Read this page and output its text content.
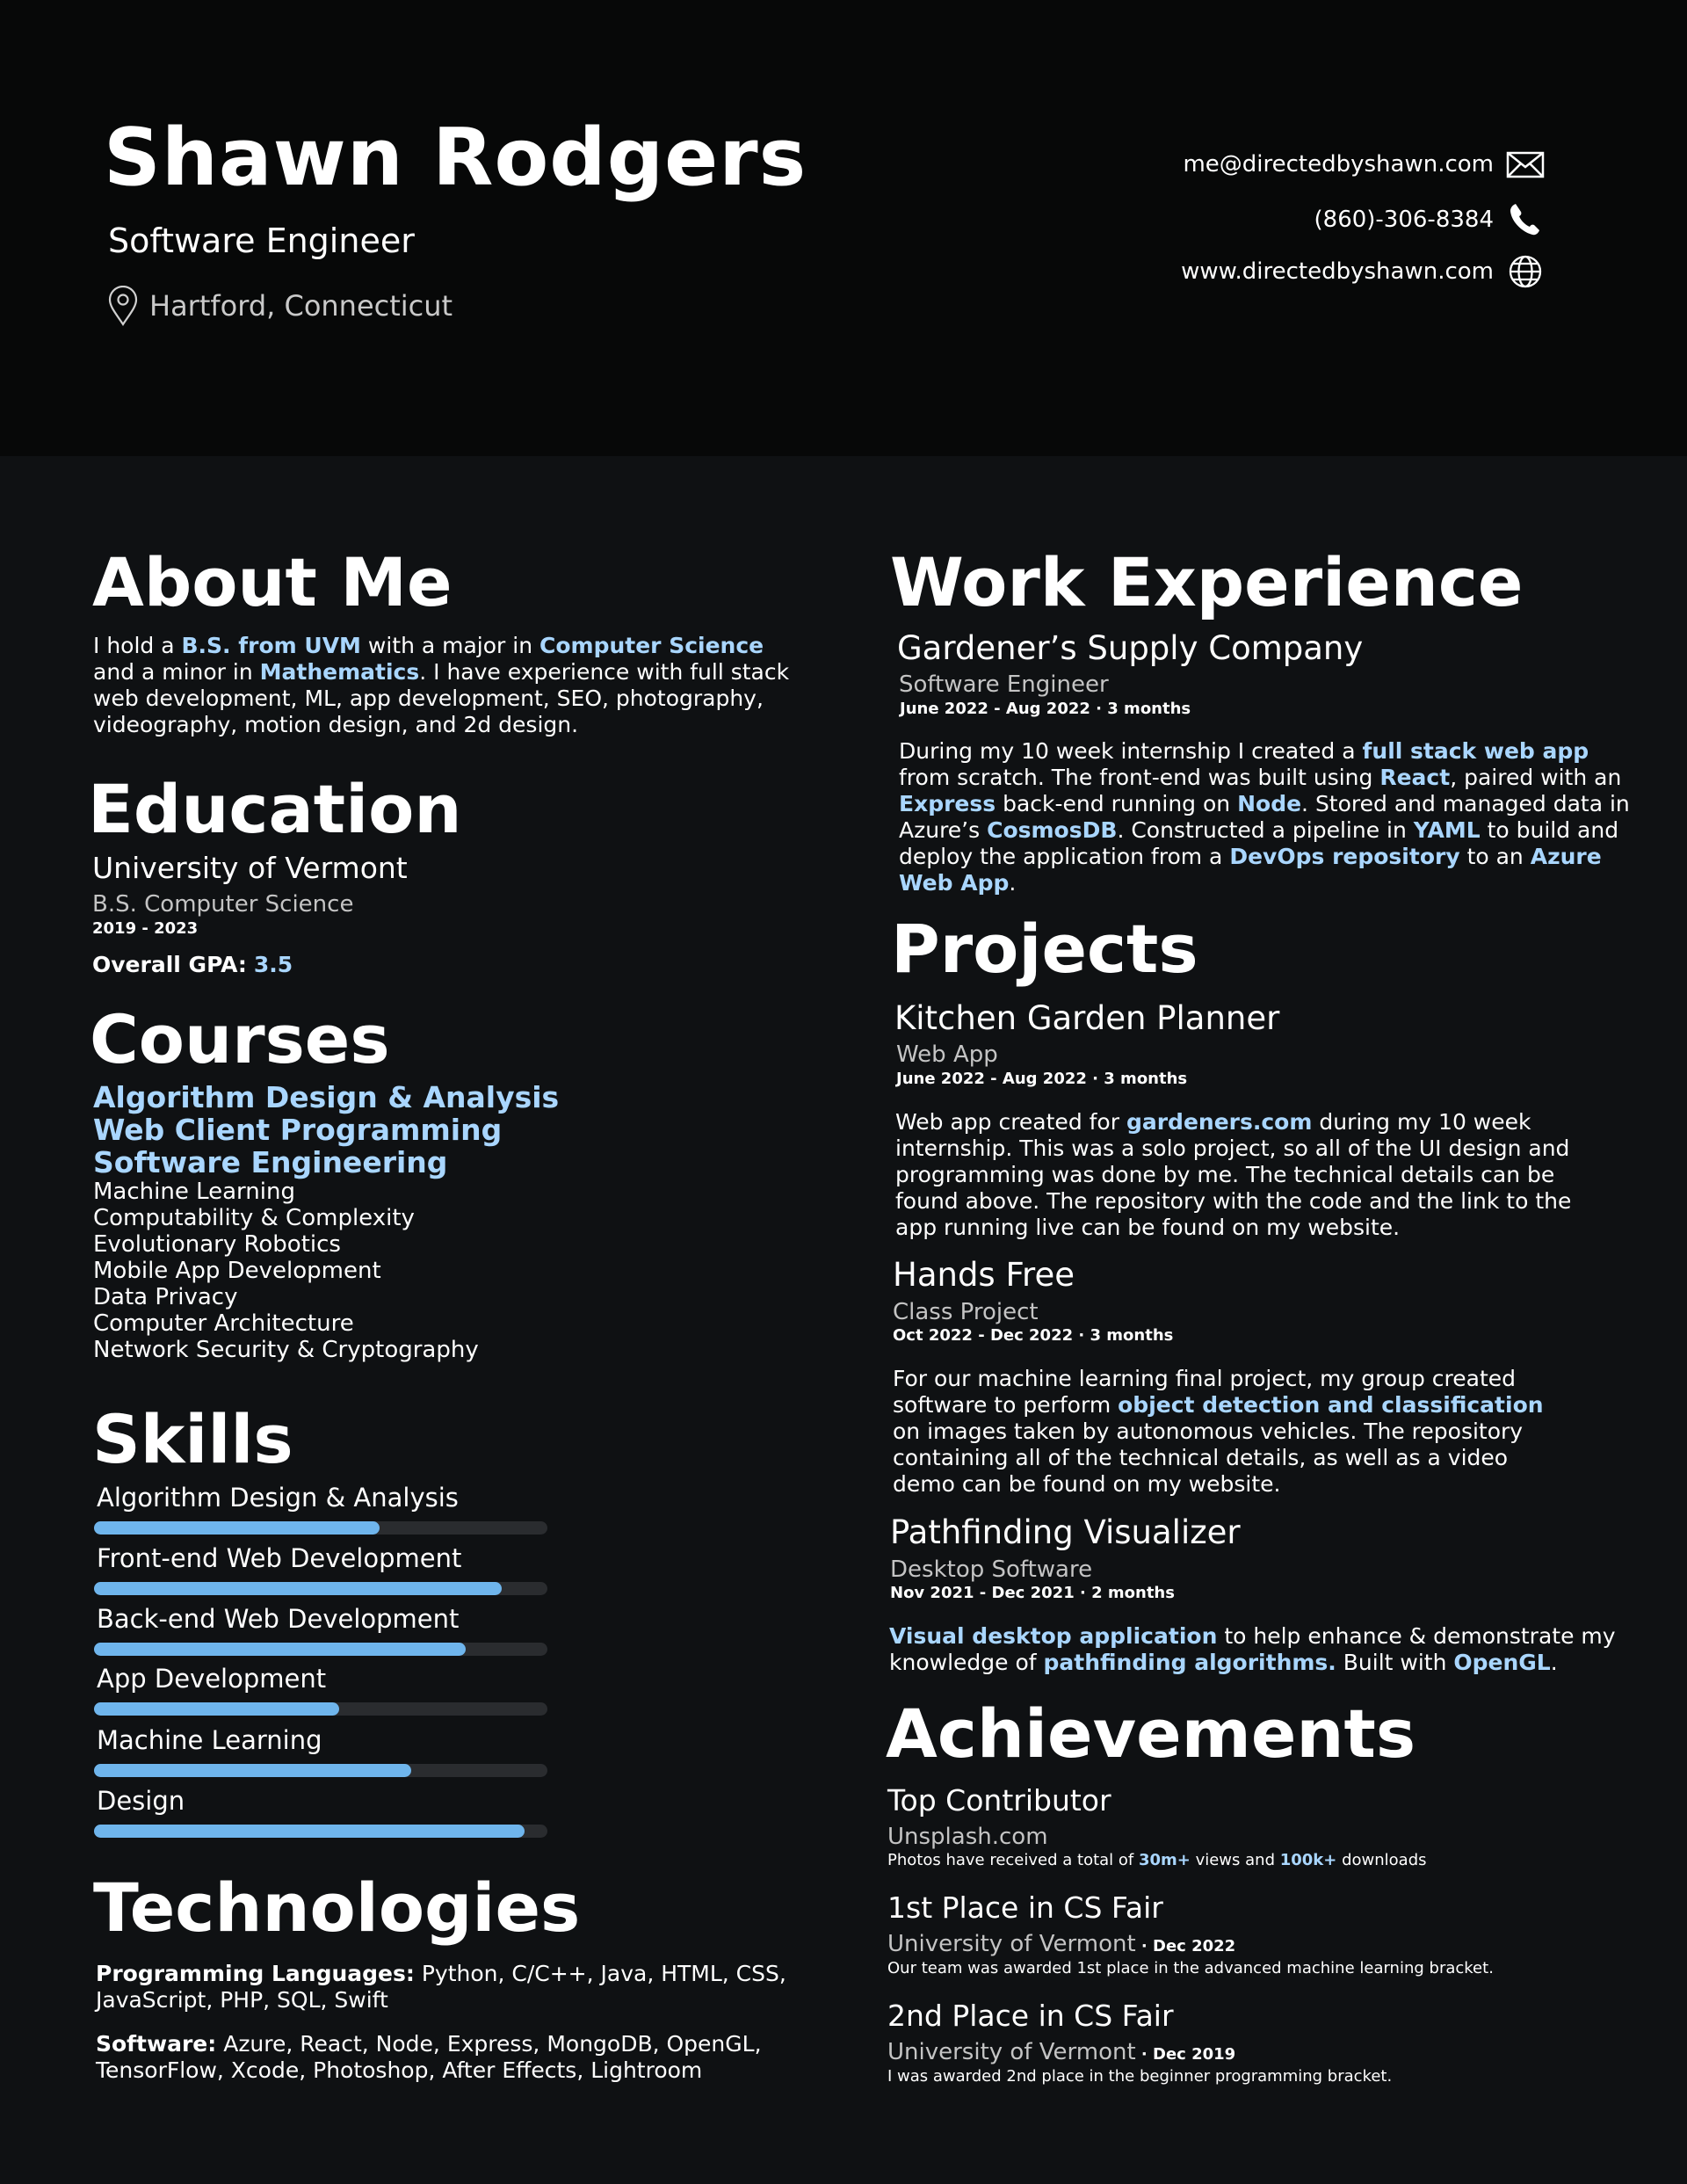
Shawn Rodgers
Software Engineer
Hartford, Connecticut
me@directedbyshawn.com
(860)-306-8384
www.directedbyshawn.com
About Me
I hold a B.S. from UVM with a major in Computer Science and a minor in Mathematics. I have experience with full stack web development, ML, app development, SEO, photography, videography, motion design, and 2d design.
Education
University of Vermont
B.S. Computer Science
2019 - 2023
Overall GPA: 3.5
Courses
Algorithm Design & Analysis
Web Client Programming
Software Engineering
Machine Learning
Computability & Complexity
Evolutionary Robotics
Mobile App Development
Data Privacy
Computer Architecture
Network Security & Cryptography
Skills
Algorithm Design & Analysis
Front-end Web Development
Back-end Web Development
App Development
Machine Learning
Design
Technologies
Programming Languages: Python, C/C++, Java, HTML, CSS, JavaScript, PHP, SQL, Swift
Software: Azure, React, Node, Express, MongoDB, OpenGL, TensorFlow, Xcode, Photoshop, After Effects, Lightroom
Work Experience
Gardener’s Supply Company
Software Engineer
June 2022 - Aug 2022 · 3 months
During my 10 week internship I created a full stack web app from scratch. The front-end was built using React, paired with an Express back-end running on Node. Stored and managed data in Azure’s CosmosDB. Constructed a pipeline in YAML to build and deploy the application from a DevOps repository to an Azure Web App.
Projects
Kitchen Garden Planner
Web App
June 2022 - Aug 2022 · 3 months
Web app created for gardeners.com during my 10 week internship. This was a solo project, so all of the UI design and programming was done by me. The technical details can be found above. The repository with the code and the link to the app running live can be found on my website.
Hands Free
Class Project
Oct 2022 - Dec 2022 · 3 months
For our machine learning final project, my group created software to perform object detection and classification on images taken by autonomous vehicles. The repository containing all of the technical details, as well as a video demo can be found on my website.
Pathfinding Visualizer
Desktop Software
Nov 2021 - Dec 2021 · 2 months
Visual desktop application to help enhance & demonstrate my knowledge of pathfinding algorithms. Built with OpenGL.
Achievements
Top Contributor
Unsplash.com
Photos have received a total of 30m+ views and 100k+ downloads
1st Place in CS Fair
University of Vermont · Dec 2022
Our team was awarded 1st place in the advanced machine learning bracket.
2nd Place in CS Fair
University of Vermont · Dec 2019
I was awarded 2nd place in the beginner programming bracket.
